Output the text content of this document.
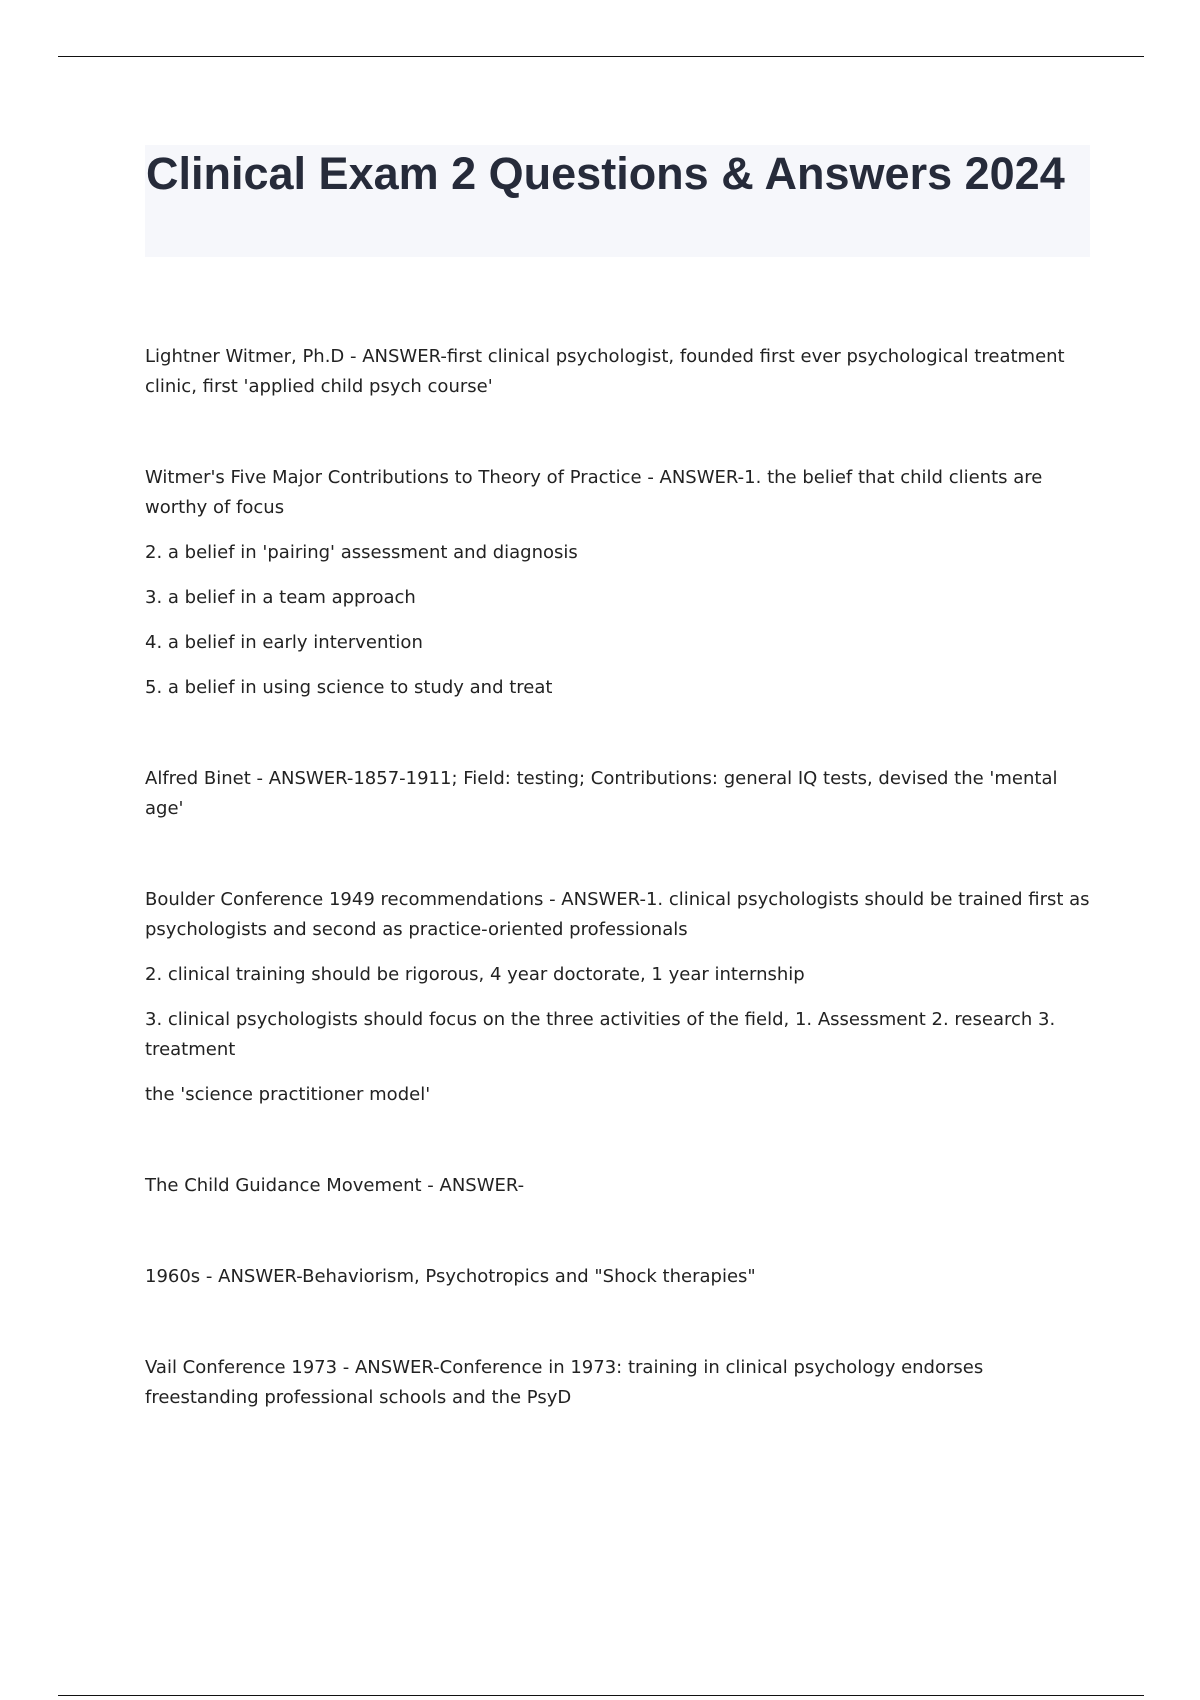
Clinical Exam 2 Questions & Answers 2024

Lightner Witmer, Ph.D - ANSWER-first clinical psychologist, founded first ever psychological treatment clinic, first 'applied child psych course'

Witmer's Five Major Contributions to Theory of Practice - ANSWER-1. the belief that child clients are worthy of focus

2. a belief in 'pairing' assessment and diagnosis

3. a belief in a team approach

4. a belief in early intervention

5. a belief in using science to study and treat

Alfred Binet - ANSWER-1857-1911; Field: testing; Contributions: general IQ tests, devised the 'mental age'

Boulder Conference 1949 recommendations - ANSWER-1. clinical psychologists should be trained first as psychologists and second as practice-oriented professionals

2. clinical training should be rigorous, 4 year doctorate, 1 year internship

3. clinical psychologists should focus on the three activities of the field, 1. Assessment 2. research 3. treatment

the 'science practitioner model'

The Child Guidance Movement - ANSWER-

1960s - ANSWER-Behaviorism, Psychotropics and "Shock therapies"

Vail Conference 1973 - ANSWER-Conference in 1973: training in clinical psychology endorses freestanding professional schools and the PsyD
